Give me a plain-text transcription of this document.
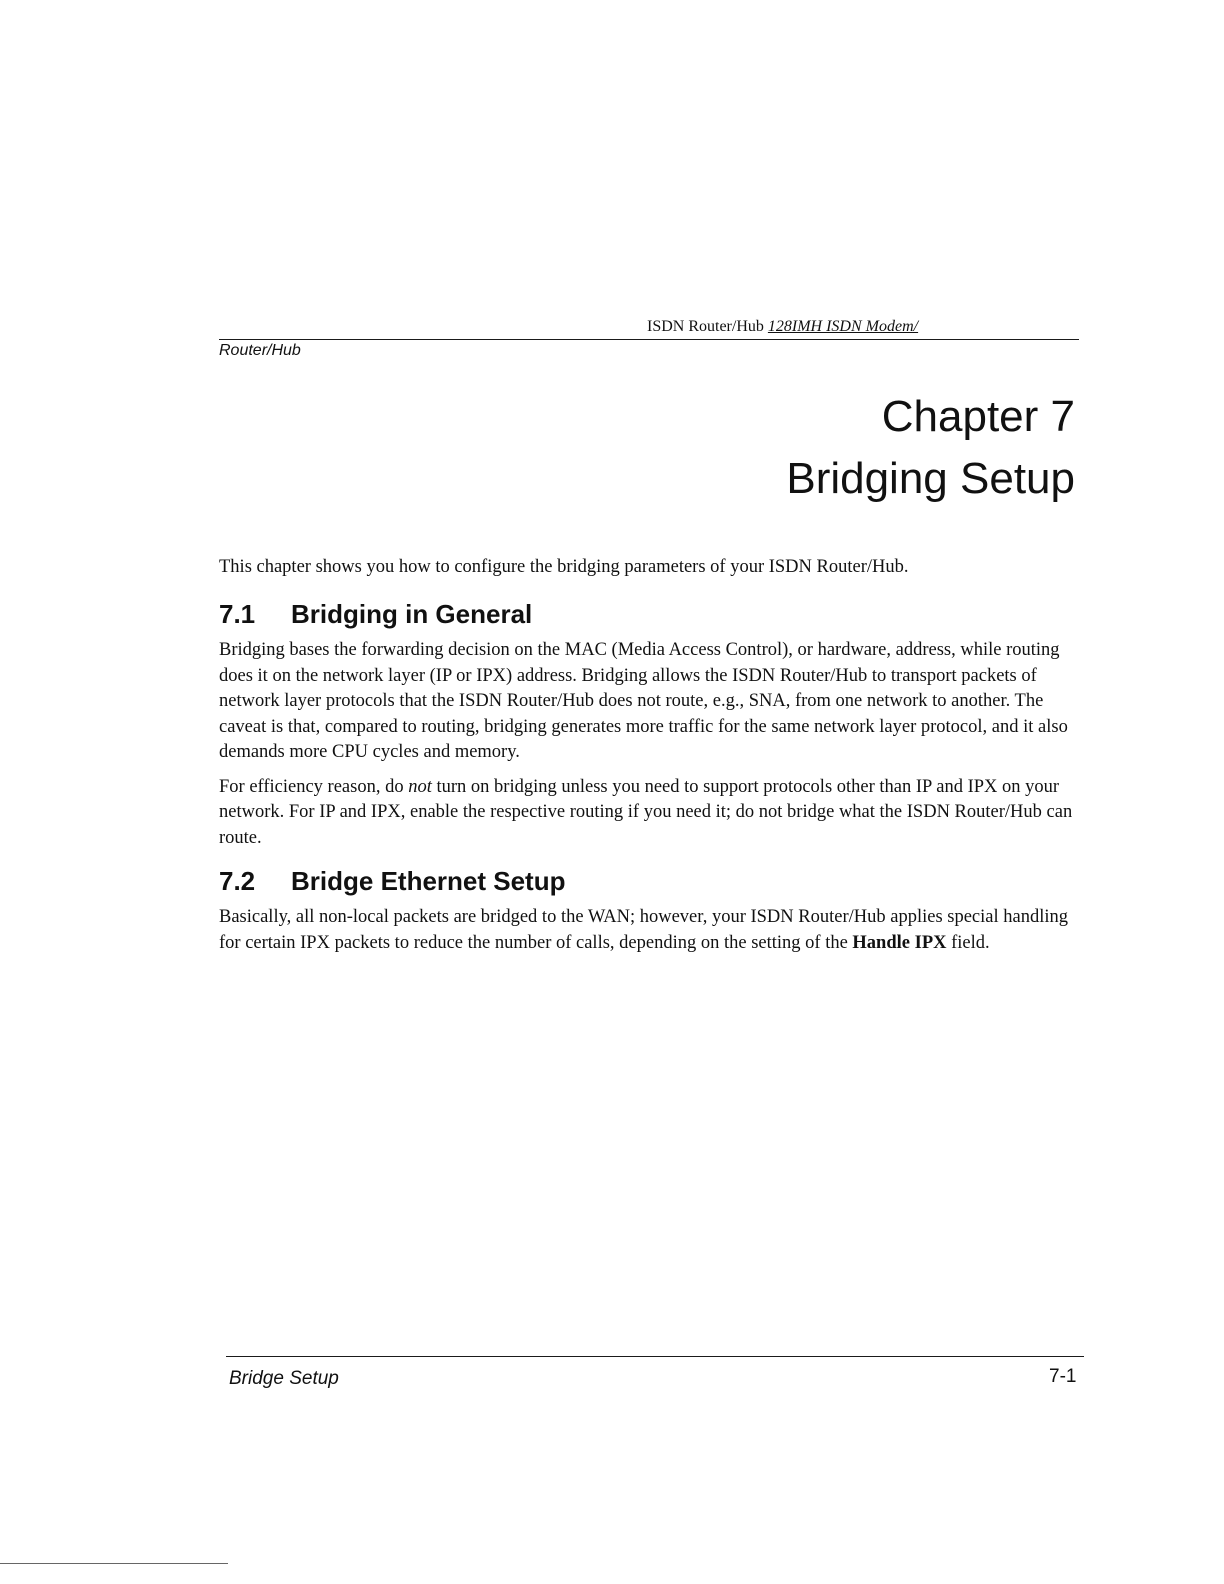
ISDN Router/Hub 128IMH ISDN Modem/
Router/Hub
Chapter 7
Bridging Setup

This chapter shows you how to configure the bridging parameters of your ISDN Router/Hub.

7.1 Bridging in General

Bridging bases the forwarding decision on the MAC (Media Access Control), or hardware, address, while routing does it on the network layer (IP or IPX) address. Bridging allows the ISDN Router/Hub to transport packets of network layer protocols that the ISDN Router/Hub does not route, e.g., SNA, from one network to another. The caveat is that, compared to routing, bridging generates more traffic for the same network layer protocol, and it also demands more CPU cycles and memory.

For efficiency reason, do not turn on bridging unless you need to support protocols other than IP and IPX on your network. For IP and IPX, enable the respective routing if you need it; do not bridge what the ISDN Router/Hub can route.

7.2 Bridge Ethernet Setup

Basically, all non-local packets are bridged to the WAN; however, your ISDN Router/Hub applies special handling for certain IPX packets to reduce the number of calls, depending on the setting of the Handle IPX field.

Bridge Setup	7-1
